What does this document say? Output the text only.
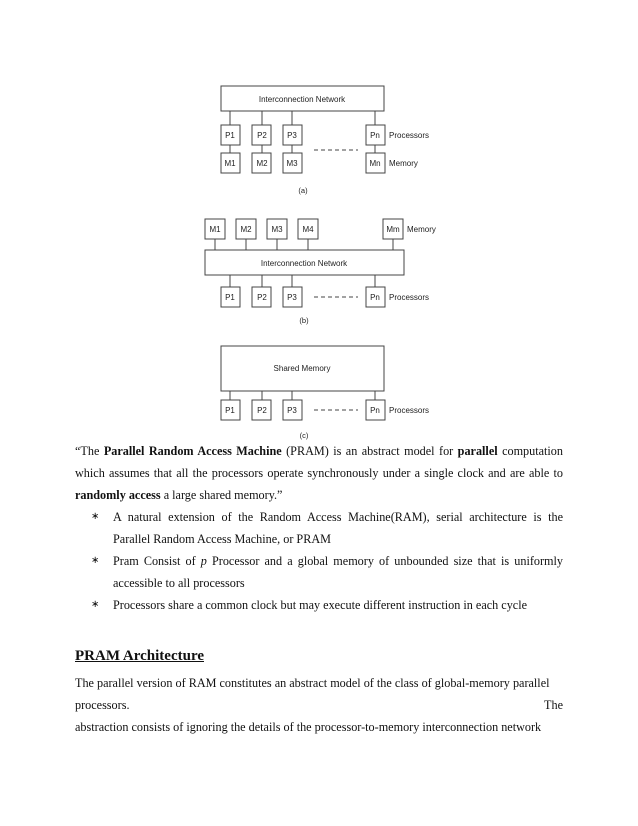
Interconnection Network
P1	P2	P3	Pn Processors
M1	M2 M3	Mn Memory
(a)
M1 M2 M3 M4	Mm Memory
Interconnection Network
P1	P2	P3	Pn Processors
(b)
Shared Memory
P1	P2	P3	Pn Processors
(c)

“The Parallel Random Access Machine (PRAM) is an abstract model for parallel computation which assumes that all the processors operate synchronously under a single clock and are able to randomly access a large shared memory.”

∗ A natural extension of the Random Access Machine(RAM), serial architecture is the Parallel Random Access Machine, or PRAM
∗ Pram Consist of p Processor and a global memory of unbounded size that is uniformly accessible to all processors
∗ Processors share a common clock but may execute different instruction in each cycle
PRAM Architecture
The parallel version of RAM constitutes an abstract model of the class of global-memory parallel
processors.	The
abstraction consists of ignoring the details of the processor-to-memory interconnection network
